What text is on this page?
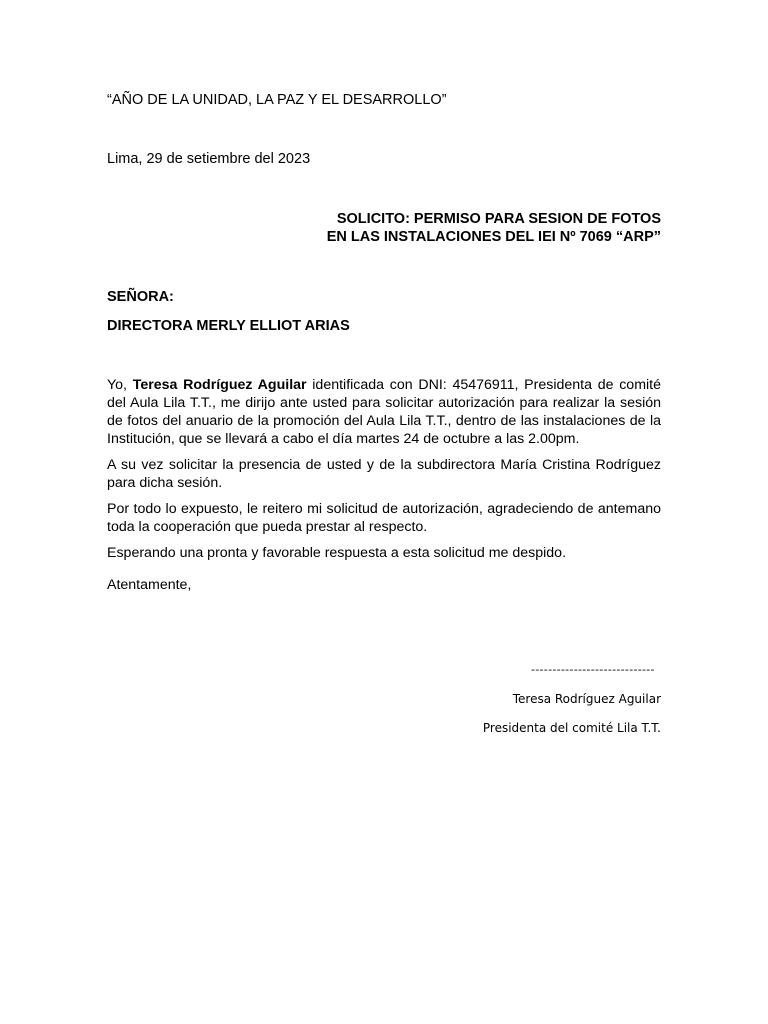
“AÑO DE LA UNIDAD, LA PAZ Y EL DESARROLLO”
Lima, 29 de setiembre del 2023
SOLICITO: PERMISO PARA SESION DE FOTOS
EN LAS INSTALACIONES DEL IEI Nº 7069 “ARP”
SEÑORA:
DIRECTORA MERLY ELLIOT ARIAS

Yo, Teresa Rodríguez Aguilar identificada con DNI: 45476911, Presidenta de comité del Aula Lila T.T., me dirijo ante usted para solicitar autorización para realizar la sesión de fotos del anuario de la promoción del Aula Lila T.T., dentro de las instalaciones de la Institución, que se llevará a cabo el día martes 24 de octubre a las 2.00pm.

A su vez solicitar la presencia de usted y de la subdirectora María Cristina Rodríguez para dicha sesión.

Por todo lo expuesto, le reitero mi solicitud de autorización, agradeciendo de antemano toda la cooperación que pueda prestar al respecto.

Esperando una pronta y favorable respuesta a esta solicitud me despido.

Atentamente,
-----------------------------
Teresa Rodríguez Aguilar
Presidenta del comité Lila T.T.
